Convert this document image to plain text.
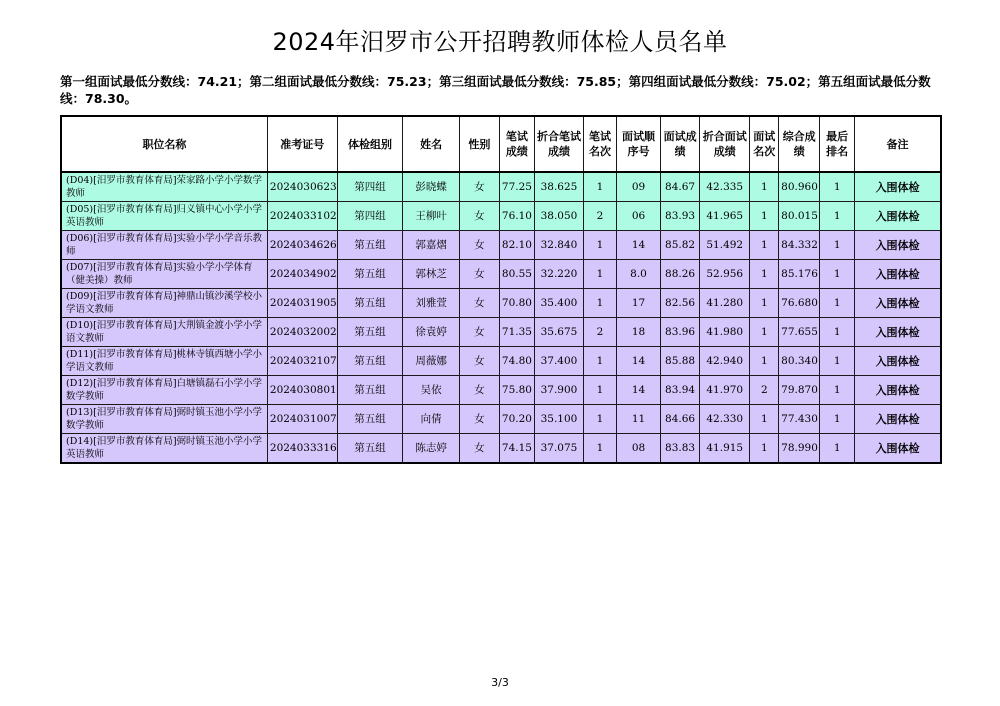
2024年汨罗市公开招聘教师体检人员名单
第一组面试最低分数线：74.21；第二组面试最低分数线：75.23；第三组面试最低分数线：75.85；第四组面试最低分数线：75.02；第五组面试最低分数线：78.30。
职位名称	准考证号	体检组别	姓名	性别	笔试成绩	折合笔试成绩	笔试名次	面试顺序号	面试成绩	折合面试成绩	面试名次	综合成绩	最后排名	备注
(D04)[汨罗市教育体育局]荣家路小学小学数学教师	2024030623	第四组	彭晓蝶	女	77.25	38.625	1	09	84.67	42.335	1	80.960	1	入围体检
(D05)[汨罗市教育体育局]归义镇中心小学小学英语教师	2024033102	第四组	王柳叶	女	76.10	38.050	2	06	83.93	41.965	1	80.015	1	入围体检
(D06)[汨罗市教育体育局]实验小学小学音乐教师	2024034626	第五组	郭嘉熠	女	82.10	32.840	1	14	85.82	51.492	1	84.332	1	入围体检
(D07)[汨罗市教育体育局]实验小学小学体育（健美操）教师	2024034902	第五组	郭林芝	女	80.55	32.220	1	8.0	88.26	52.956	1	85.176	1	入围体检
(D09)[汨罗市教育体育局]神鼎山镇沙溪学校小学语文教师	2024031905	第五组	刘雅萱	女	70.80	35.400	1	17	82.56	41.280	1	76.680	1	入围体检
(D10)[汨罗市教育体育局]大荆镇金渡小学小学语文教师	2024032002	第五组	徐袁婷	女	71.35	35.675	2	18	83.96	41.980	1	77.655	1	入围体检
(D11)[汨罗市教育体育局]桃林寺镇西塘小学小学语文教师	2024032107	第五组	周薇娜	女	74.80	37.400	1	14	85.88	42.940	1	80.340	1	入围体检
(D12)[汨罗市教育体育局]白塘镇磊石小学小学数学教师	2024030801	第五组	吴依	女	75.80	37.900	1	14	83.94	41.970	2	79.870	1	入围体检
(D13)[汨罗市教育体育局]弼时镇玉池小学小学数学教师	2024031007	第五组	向倩	女	70.20	35.100	1	11	84.66	42.330	1	77.430	1	入围体检
(D14)[汨罗市教育体育局]弼时镇玉池小学小学英语教师	2024033316	第五组	陈志婷	女	74.15	37.075	1	08	83.83	41.915	1	78.990	1	入围体检
3/3
